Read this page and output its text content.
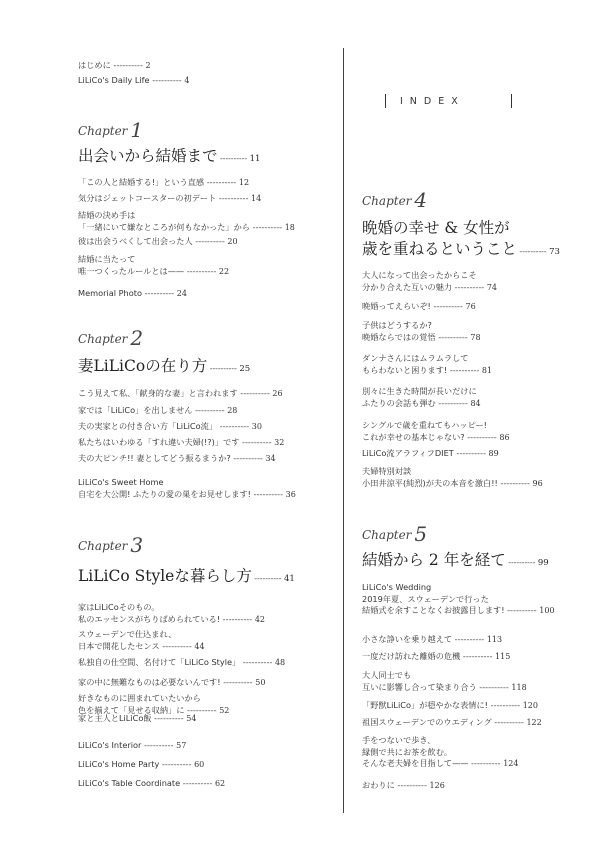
INDEX
はじめに ---------- 2
LiLiCo's Daily Life ---------- 4
Chapter 1
出会いから結婚まで ---------- 11
「この人と結婚する!」という直感 ---------- 12
気分はジェットコースターの初デート ---------- 14
結婚の決め手は
「一緒にいて嫌なところが何もなかった」から ---------- 18
彼は出会うべくして出会った人 ---------- 20
結婚に当たって
唯一つくったルールとは—— ---------- 22
Memorial Photo ---------- 24
Chapter 2
妻LiLiCoの在り方 ---------- 25
こう見えて私、「献身的な妻」と言われます ---------- 26
家では「LiLiCo」を出しません ---------- 28
夫の実家との付き合い方「LiLiCo流」 ---------- 30
私たちはいわゆる「すれ違い夫婦(!?)」です ---------- 32
夫の大ピンチ!! 妻としてどう振るまうか? ---------- 34
LiLiCo's Sweet Home
自宅を大公開! ふたりの愛の巣をお見せします! ---------- 36
Chapter 3
LiLiCo Styleな暮らし方 ---------- 41
家はLiLiCoそのもの。
私のエッセンスがちりばめられている! ---------- 42
スウェーデンで仕込まれ、
日本で開花したセンス ---------- 44
私独自の仕空間、名付けて「LiLiCo Style」 ---------- 48
家の中に無難なものは必要ないんです! ---------- 50
好きなものに囲まれていたいから
色を揃えて「見せる収納」に ---------- 52
家と主人とLiLiCo飯 ---------- 54
LiLiCo's Interior ---------- 57
LiLiCo's Home Party ---------- 60
LiLiCo's Table Coordinate ---------- 62
Chapter 4
晩婚の幸せ & 女性が
歳を重ねるということ ---------- 73
大人になって出会ったからこそ
分かり合えた互いの魅力 ---------- 74
晩婚ってえらいぞ! ---------- 76
子供はどうするか?
晩婚ならではの覚悟 ---------- 78
ダンナさんにはムラムラして
もらわないと困ります! ---------- 81
別々に生きた時間が長いだけに
ふたりの会話も弾む ---------- 84
シングルで歳を重ねてもハッピー!
これが幸せの基本じゃない? ---------- 86
LiLiCo流アラフィフDIET ---------- 89
夫婦特別対談
小田井涼平(純烈)が夫の本音を激白!! ---------- 96
Chapter 5
結婚から 2 年を経て ---------- 99
LiLiCo's Wedding
2019年夏、スウェーデンで行った
結婚式を余すことなくお披露目します! ---------- 100
小さな諍いを乗り越えて ---------- 113
一度だけ訪れた離婚の危機 ---------- 115
大人同士でも
互いに影響し合って染まり合う ---------- 118
「野獣LiLiCo」が穏やかな表情に! ---------- 120
祖国スウェーデンでのウエディング ---------- 122
手をつないで歩き、
縁側で共にお茶を飲む。
そんな老夫婦を目指して—— ---------- 124
おわりに ---------- 126
